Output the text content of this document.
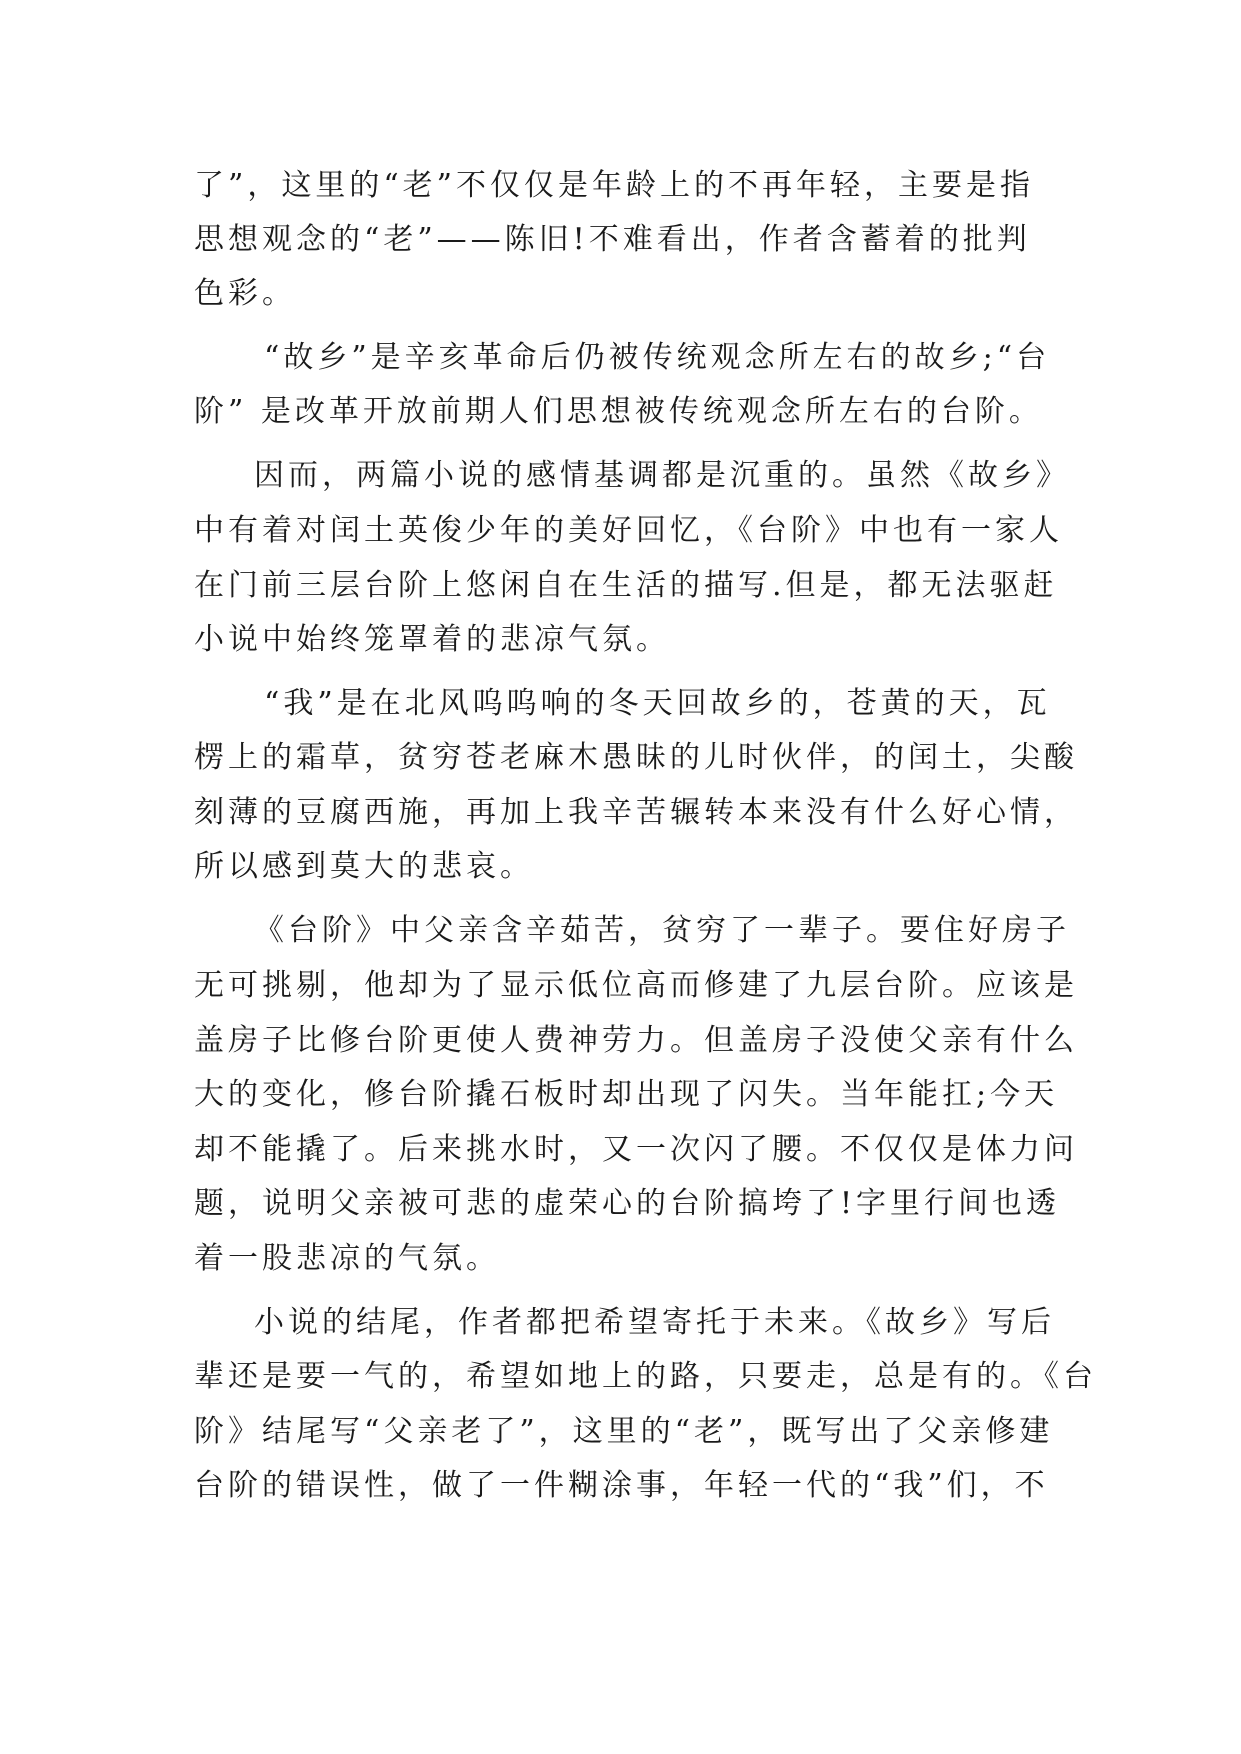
了”，这里的“老”不仅仅是年龄上的不再年轻，主要是指
思想观念的“老”——陈旧!不难看出，作者含蓄着的批判
色彩。
“故乡”是辛亥革命后仍被传统观念所左右的故乡;“台
阶” 是改革开放前期人们思想被传统观念所左右的台阶。
因而，两篇小说的感情基调都是沉重的。虽然《故乡》
中有着对闰土英俊少年的美好回忆，《台阶》中也有一家人
在门前三层台阶上悠闲自在生活的描写.但是，都无法驱赶
小说中始终笼罩着的悲凉气氛。
“我”是在北风呜呜响的冬天回故乡的，苍黄的天，瓦
楞上的霜草，贫穷苍老麻木愚昧的儿时伙伴，的闰土，尖酸
刻薄的豆腐西施，再加上我辛苦辗转本来没有什么好心情，
所以感到莫大的悲哀。
《台阶》中父亲含辛茹苦，贫穷了一辈子。要住好房子
无可挑剔，他却为了显示低位高而修建了九层台阶。应该是
盖房子比修台阶更使人费神劳力。但盖房子没使父亲有什么
大的变化，修台阶撬石板时却出现了闪失。当年能扛;今天
却不能撬了。后来挑水时，又一次闪了腰。不仅仅是体力问
题，说明父亲被可悲的虚荣心的台阶搞垮了!字里行间也透
着一股悲凉的气氛。
小说的结尾，作者都把希望寄托于未来。《故乡》写后
辈还是要一气的，希望如地上的路，只要走，总是有的。《台
阶》结尾写“父亲老了”，这里的“老”，既写出了父亲修建
台阶的错误性，做了一件糊涂事，年轻一代的“我”们，不
